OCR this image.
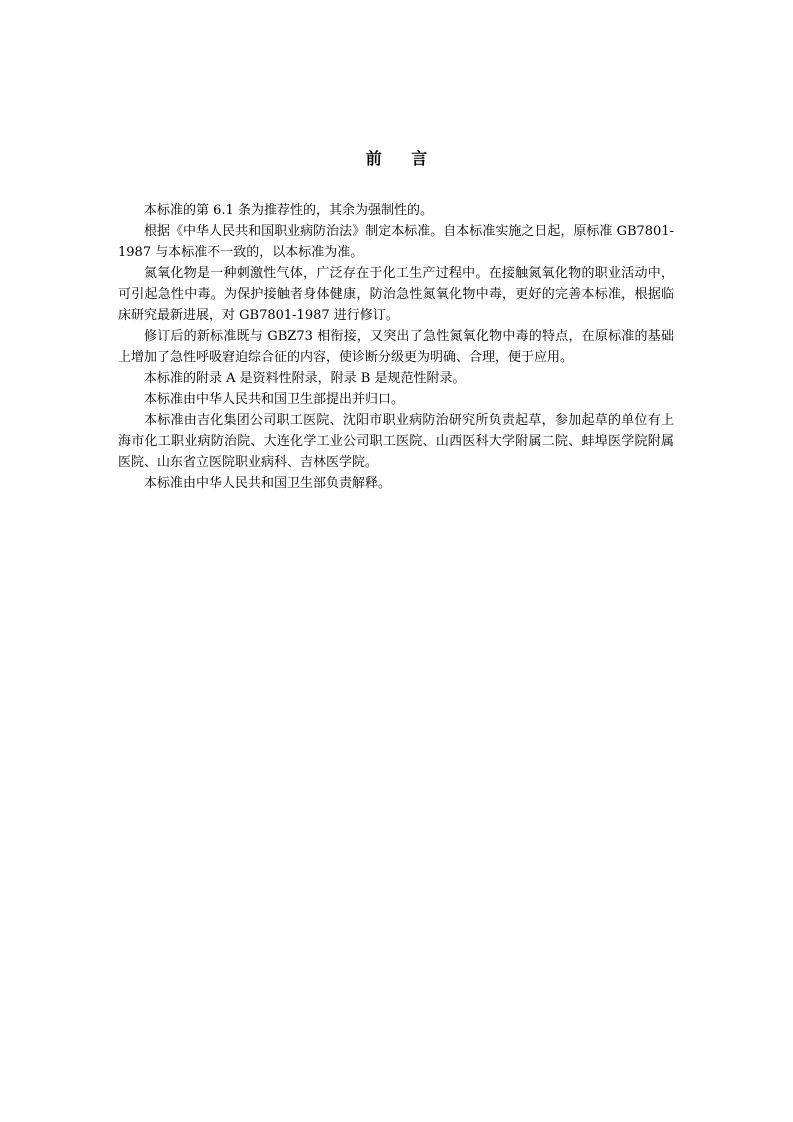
前 言

本标准的第 6.1 条为推荐性的，其余为强制性的。

根据《中华人民共和国职业病防治法》制定本标准。自本标准实施之日起，原标准 GB7801-1987 与本标准不一致的，以本标准为准。

氮氧化物是一种刺激性气体，广泛存在于化工生产过程中。在接触氮氧化物的职业活动中，可引起急性中毒。为保护接触者身体健康，防治急性氮氧化物中毒，更好的完善本标准，根据临床研究最新进展，对 GB7801-1987 进行修订。

修订后的新标准既与 GBZ73 相衔接，又突出了急性氮氧化物中毒的特点，在原标准的基础上增加了急性呼吸窘迫综合征的内容，使诊断分级更为明确、合理，便于应用。

本标准的附录 A 是资料性附录，附录 B 是规范性附录。

本标准由中华人民共和国卫生部提出并归口。

本标准由吉化集团公司职工医院、沈阳市职业病防治研究所负责起草，参加起草的单位有上海市化工职业病防治院、大连化学工业公司职工医院、山西医科大学附属二院、蚌埠医学院附属医院、山东省立医院职业病科、吉林医学院。

本标准由中华人民共和国卫生部负责解释。
